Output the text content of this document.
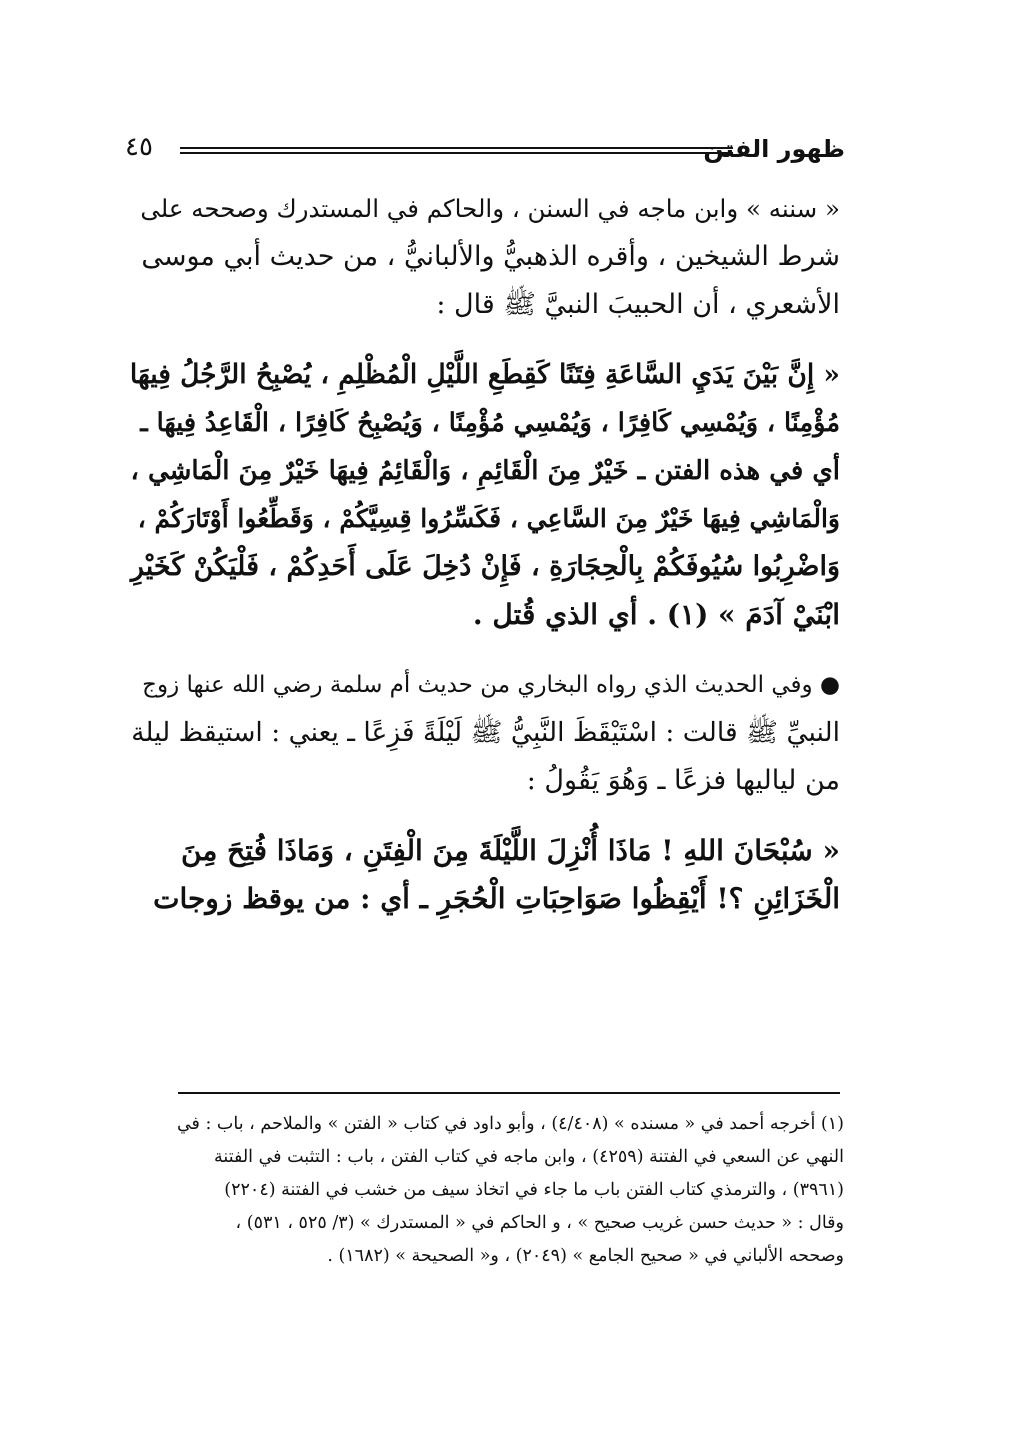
ظهور الفتن
٤٥
« سننه » وابن ماجه في السنن ، والحاكم في المستدرك وصححه على
شرط الشيخين ، وأقره الذهبيُّ والألبانيُّ ، من حديث أبي موسى
الأشعري ، أن الحبيبَ النبيَّ ﷺ قال :
« إِنَّ بَيْنَ يَدَيِ السَّاعَةِ فِتَنًا كَقِطَعِ اللَّيْلِ الْمُظْلِمِ ، يُصْبِحُ الرَّجُلُ فِيهَا
مُؤْمِنًا ، وَيُمْسِي كَافِرًا ، وَيُمْسِي مُؤْمِنًا ، وَيُصْبِحُ كَافِرًا ، الْقَاعِدُ فِيهَا ـ
أي في هذه الفتن ـ خَيْرٌ مِنَ الْقَائِمِ ، وَالْقَائِمُ فِيهَا خَيْرٌ مِنَ الْمَاشِي ،
وَالْمَاشِي فِيهَا خَيْرٌ مِنَ السَّاعِي ، فَكَسِّرُوا قِسِيَّكُمْ ، وَقَطِّعُوا أَوْتَارَكُمْ ،
وَاضْرِبُوا سُيُوفَكُمْ بِالْحِجَارَةِ ، فَإِنْ دُخِلَ عَلَى أَحَدِكُمْ ، فَلْيَكُنْ كَخَيْرِ
ابْنَيْ آدَمَ » (١) . أي الذي قُتل .
● وفي الحديث الذي رواه البخاري من حديث أم سلمة رضي الله عنها زوج
النبيِّ ﷺ قالت : اسْتَيْقَظَ النَّبِيُّ ﷺ لَيْلَةً فَزِعًا ـ يعني : استيقظ ليلة
من لياليها فزعًا ـ وَهُوَ يَقُولُ :
« سُبْحَانَ اللهِ ! مَاذَا أُنْزِلَ اللَّيْلَةَ مِنَ الْفِتَنِ ، وَمَاذَا فُتِحَ مِنَ
الْخَزَائِنِ ؟! أَيْقِظُوا صَوَاحِبَاتِ الْحُجَرِ ـ أي : من يوقظ زوجات
(١) أخرجه أحمد في « مسنده » (٤/٤٠٨) ، وأبو داود في كتاب « الفتن » والملاحم ، باب : في
النهي عن السعي في الفتنة (٤٢٥٩) ، وابن ماجه في كتاب الفتن ، باب : التثبت في الفتنة
(٣٩٦١) ، والترمذي كتاب الفتن باب ما جاء في اتخاذ سيف من خشب في الفتنة (٢٢٠٤)
وقال : « حديث حسن غريب صحيح » ، و الحاكم في « المستدرك » (٣/ ٥٢٥ ، ٥٣١) ،
وصححه الألباني في « صحيح الجامع » (٢٠٤٩) ، و« الصحيحة » (١٦٨٢) .
